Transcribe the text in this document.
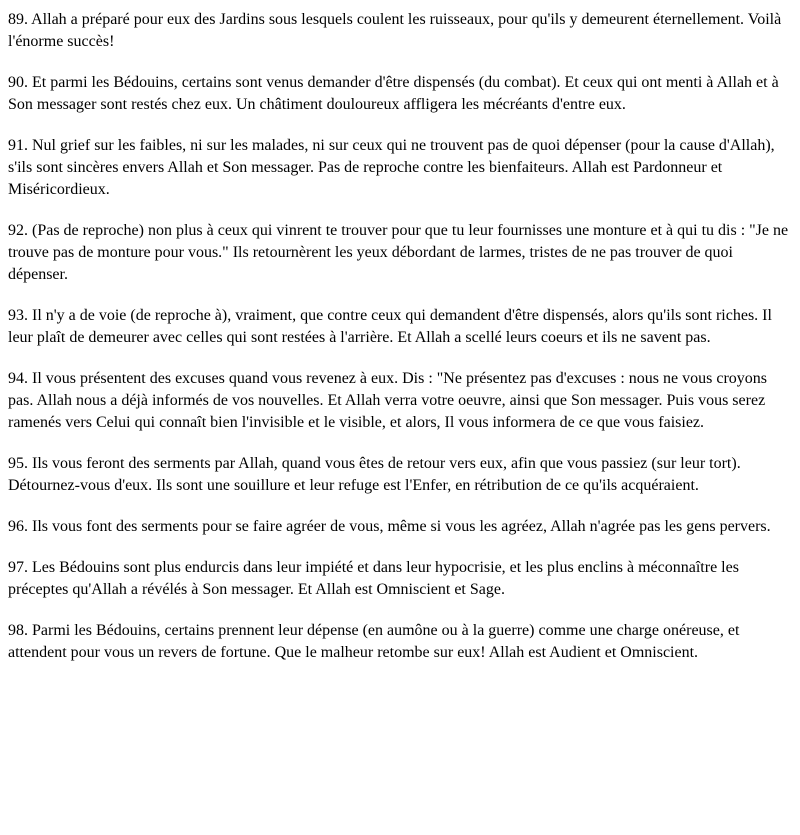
89. Allah a préparé pour eux des Jardins sous lesquels coulent les ruisseaux, pour qu'ils y demeurent éternellement. Voilà l'énorme succès!

90. Et parmi les Bédouins, certains sont venus demander d'être dispensés (du combat). Et ceux qui ont menti à Allah et à Son messager sont restés chez eux. Un châtiment douloureux affligera les mécréants d'entre eux.

91. Nul grief sur les faibles, ni sur les malades, ni sur ceux qui ne trouvent pas de quoi dépenser (pour la cause d'Allah), s'ils sont sincères envers Allah et Son messager. Pas de reproche contre les bienfaiteurs. Allah est Pardonneur et Miséricordieux.

92. (Pas de reproche) non plus à ceux qui vinrent te trouver pour que tu leur fournisses une monture et à qui tu dis : "Je ne trouve pas de monture pour vous." Ils retournèrent les yeux débordant de larmes, tristes de ne pas trouver de quoi dépenser.

93. Il n'y a de voie (de reproche à), vraiment, que contre ceux qui demandent d'être dispensés, alors qu'ils sont riches. Il leur plaît de demeurer avec celles qui sont restées à l'arrière. Et Allah a scellé leurs coeurs et ils ne savent pas.

94. Il vous présentent des excuses quand vous revenez à eux. Dis : "Ne présentez pas d'excuses : nous ne vous croyons pas. Allah nous a déjà informés de vos nouvelles. Et Allah verra votre oeuvre, ainsi que Son messager. Puis vous serez ramenés vers Celui qui connaît bien l'invisible et le visible, et alors, Il vous informera de ce que vous faisiez.

95. Ils vous feront des serments par Allah, quand vous êtes de retour vers eux, afin que vous passiez (sur leur tort). Détournez-vous d'eux. Ils sont une souillure et leur refuge est l'Enfer, en rétribution de ce qu'ils acquéraient.

96. Ils vous font des serments pour se faire agréer de vous, même si vous les agréez, Allah n'agrée pas les gens pervers.

97. Les Bédouins sont plus endurcis dans leur impiété et dans leur hypocrisie, et les plus enclins à méconnaître les préceptes qu'Allah a révélés à Son messager. Et Allah est Omniscient et Sage.

98. Parmi les Bédouins, certains prennent leur dépense (en aumône ou à la guerre) comme une charge onéreuse, et attendent pour vous un revers de fortune. Que le malheur retombe sur eux! Allah est Audient et Omniscient.
